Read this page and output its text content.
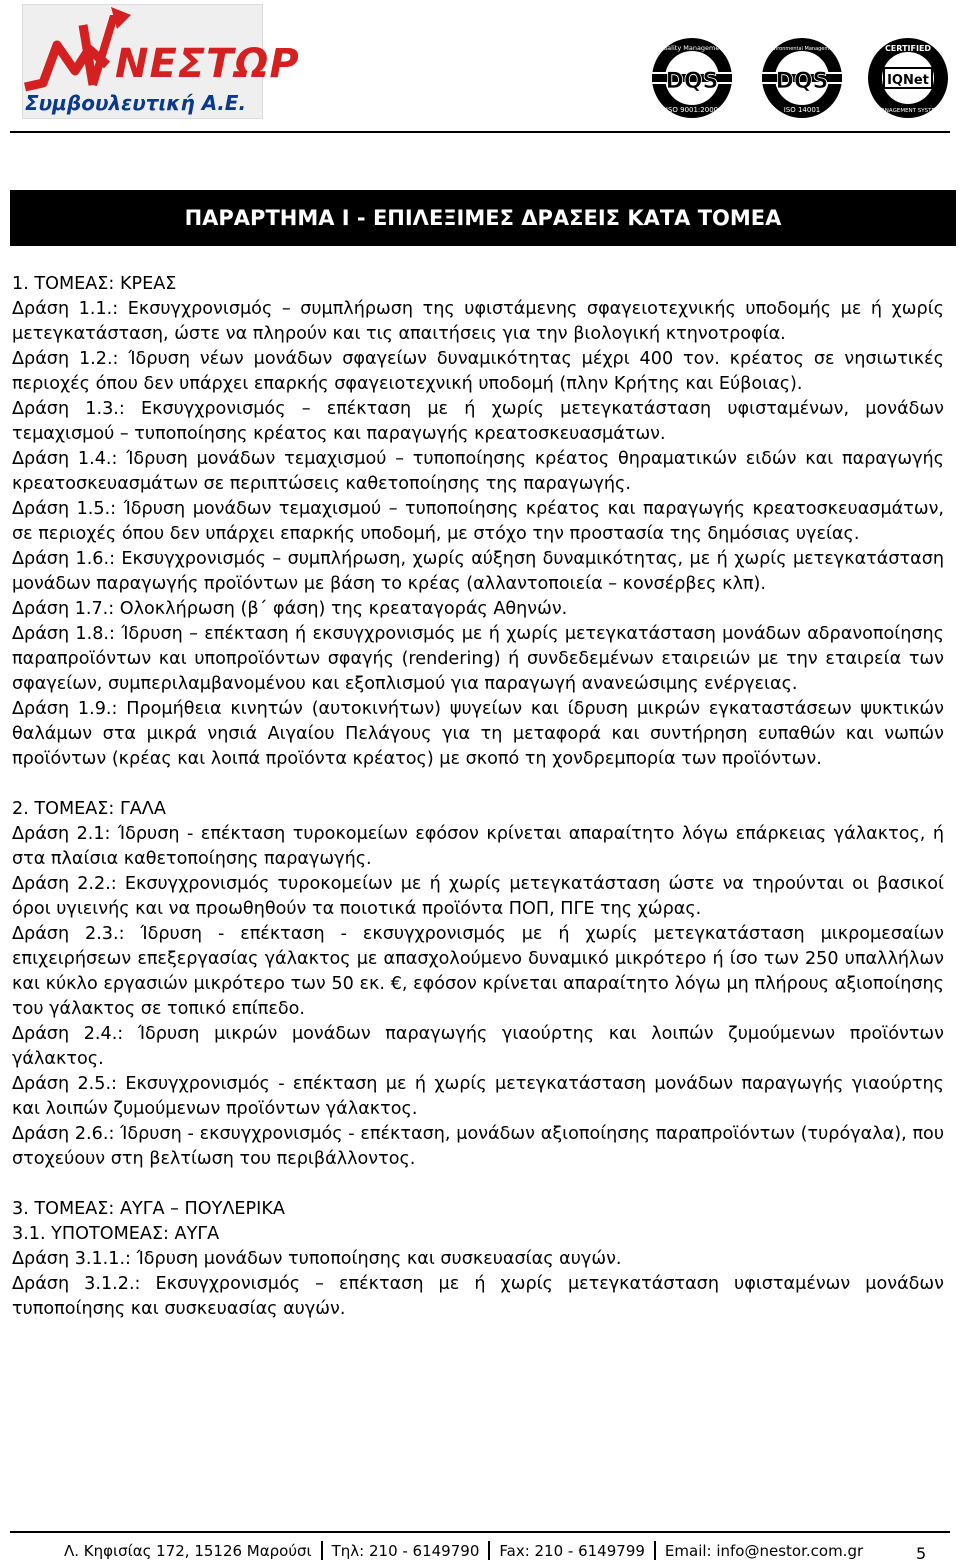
ΝΕΣΤΩΡ
Συμβουλευτική Α.Ε.
DQS
Quality Management
ISO 9001:2000
DQS
Environmental Management
ISO 14001
IQNet
CERTIFIED
MANAGEMENT SYSTEM
ΠΑΡΑΡΤΗΜΑ Ι - ΕΠΙΛΕΞΙΜΕΣ ΔΡΑΣΕΙΣ ΚΑΤΑ ΤΟΜΕΑ

1. ΤΟΜΕΑΣ: ΚΡΕΑΣ

Δράση 1.1.: Εκσυγχρονισμός – συμπλήρωση της υφιστάμενης σφαγειοτεχνικής υποδομής με ή χωρίς μετεγκατάσταση, ώστε να πληρούν και τις απαιτήσεις για την βιολογική κτηνοτροφία.

Δράση 1.2.: Ίδρυση νέων μονάδων σφαγείων δυναμικότητας μέχρι 400 τον. κρέατος σε νησιωτικές περιοχές όπου δεν υπάρχει επαρκής σφαγειοτεχνική υποδομή (πλην Κρήτης και Εύβοιας).

Δράση 1.3.: Εκσυγχρονισμός – επέκταση με ή χωρίς μετεγκατάσταση υφισταμένων, μονάδων τεμαχισμού – τυποποίησης κρέατος και παραγωγής κρεατοσκευασμάτων.

Δράση 1.4.: Ίδρυση μονάδων τεμαχισμού – τυποποίησης κρέατος θηραματικών ειδών και παραγωγής κρεατοσκευασμάτων σε περιπτώσεις καθετοποίησης της παραγωγής.

Δράση 1.5.: Ίδρυση μονάδων τεμαχισμού – τυποποίησης κρέατος και παραγωγής κρεατοσκευασμάτων, σε περιοχές όπου δεν υπάρχει επαρκής υποδομή, με στόχο την προστασία της δημόσιας υγείας.

Δράση 1.6.: Εκσυγχρονισμός – συμπλήρωση, χωρίς αύξηση δυναμικότητας, με ή χωρίς μετεγκατάσταση μονάδων παραγωγής προϊόντων με βάση το κρέας (αλλαντοποιεία – κονσέρβες κλπ).

Δράση 1.7.: Ολοκλήρωση (β΄ φάση) της κρεαταγοράς Αθηνών.

Δράση 1.8.: Ίδρυση – επέκταση ή εκσυγχρονισμός με ή χωρίς μετεγκατάσταση μονάδων αδρανοποίησης παραπροϊόντων και υποπροϊόντων σφαγής (rendering) ή συνδεδεμένων εταιρειών με την εταιρεία των σφαγείων, συμπεριλαμβανομένου και εξοπλισμού για παραγωγή ανανεώσιμης ενέργειας.

Δράση 1.9.: Προμήθεια κινητών (αυτοκινήτων) ψυγείων και ίδρυση μικρών εγκαταστάσεων ψυκτικών θαλάμων στα μικρά νησιά Αιγαίου Πελάγους για τη μεταφορά και συντήρηση ευπαθών και νωπών προϊόντων (κρέας και λοιπά προϊόντα κρέατος) με σκοπό τη χονδρεμπορία των προϊόντων.

2. ΤΟΜΕΑΣ: ΓΑΛΑ

Δράση 2.1: Ίδρυση - επέκταση τυροκομείων εφόσον κρίνεται απαραίτητο λόγω επάρκειας γάλακτος, ή στα πλαίσια καθετοποίησης παραγωγής.

Δράση 2.2.: Εκσυγχρονισμός τυροκομείων με ή χωρίς μετεγκατάσταση ώστε να τηρούνται οι βασικοί όροι υγιεινής και να προωθηθούν τα ποιοτικά προϊόντα ΠΟΠ, ΠΓΕ της χώρας.

Δράση 2.3.: Ίδρυση - επέκταση - εκσυγχρονισμός με ή χωρίς μετεγκατάσταση μικρομεσαίων επιχειρήσεων επεξεργασίας γάλακτος με απασχολούμενο δυναμικό μικρότερο ή ίσο των 250 υπαλλήλων και κύκλο εργασιών μικρότερο των 50 εκ. €, εφόσον κρίνεται απαραίτητο λόγω μη πλήρους αξιοποίησης του γάλακτος σε τοπικό επίπεδο.

Δράση 2.4.: Ίδρυση μικρών μονάδων παραγωγής γιαούρτης και λοιπών ζυμούμενων προϊόντων γάλακτος.

Δράση 2.5.: Εκσυγχρονισμός - επέκταση με ή χωρίς μετεγκατάσταση μονάδων παραγωγής γιαούρτης και λοιπών ζυμούμενων προϊόντων γάλακτος.

Δράση 2.6.: Ίδρυση - εκσυγχρονισμός - επέκταση, μονάδων αξιοποίησης παραπροϊόντων (τυρόγαλα), που στοχεύουν στη βελτίωση του περιβάλλοντος.

3. ΤΟΜΕΑΣ: ΑΥΓΑ – ΠΟΥΛΕΡΙΚΑ

3.1. ΥΠΟΤΟΜΕΑΣ: ΑΥΓΑ

Δράση 3.1.1.: Ίδρυση μονάδων τυποποίησης και συσκευασίας αυγών.

Δράση 3.1.2.: Εκσυγχρονισμός – επέκταση με ή χωρίς μετεγκατάσταση υφισταμένων μονάδων τυποποίησης και συσκευασίας αυγών.

Λ. Κηφισίας 172, 15126 Μαρούσι Τηλ: 210 - 6149790 Fax: 210 - 6149799 Email: info@nestor.com.gr	5
